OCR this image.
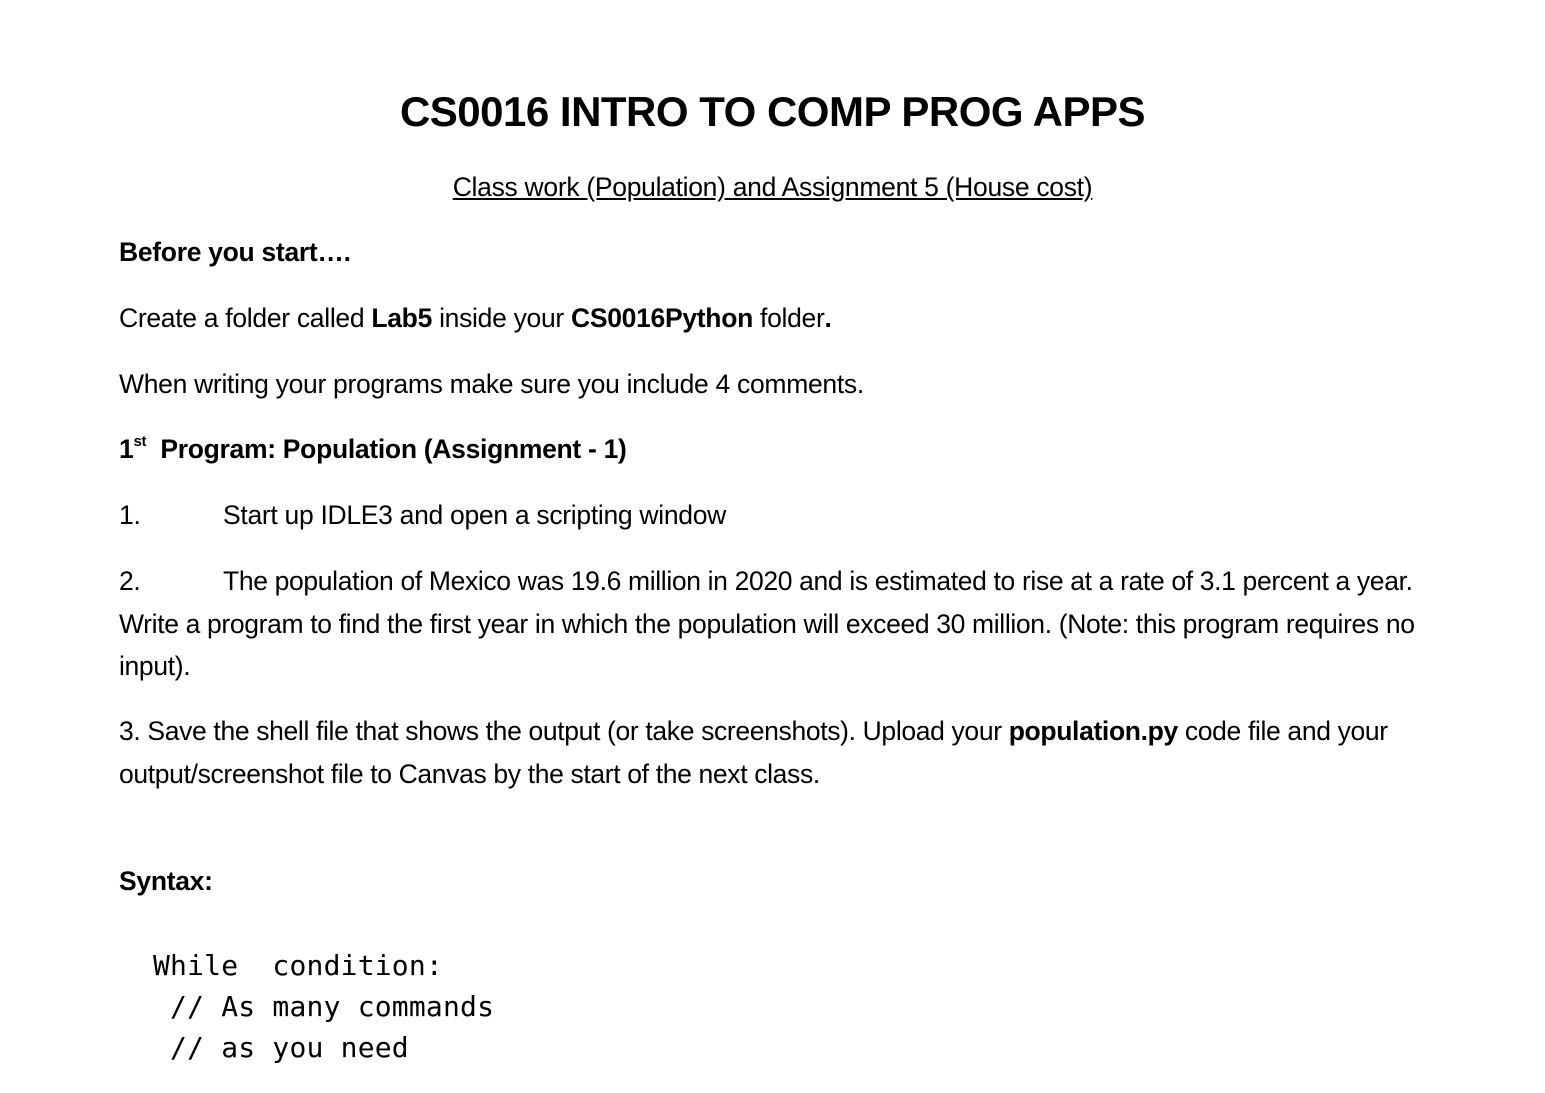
CS0016 INTRO TO COMP PROG APPS
Class work (Population) and Assignment 5 (House cost)
Before you start….
Create a folder called Lab5 inside your CS0016Python folder.
When writing your programs make sure you include 4 comments.
1st Program: Population (Assignment - 1)
1.	Start up IDLE3 and open a scripting window
2.	The population of Mexico was 19.6 million in 2020 and is estimated to rise at a rate of 3.1 percent a year. Write a program to find the first year in which the population will exceed 30 million. (Note: this program requires no input).
3. Save the shell file that shows the output (or take screenshots). Upload your population.py code file and your output/screenshot file to Canvas by the start of the next class.
Syntax:
While  condition:
// As many commands
// as you need
